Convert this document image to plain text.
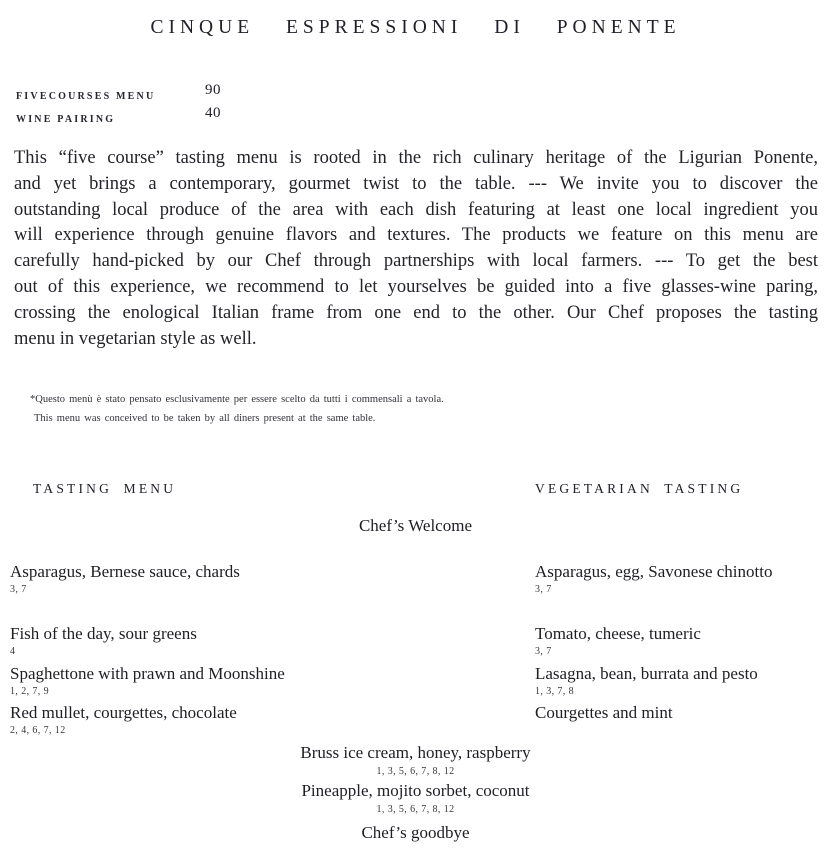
CINQUE ESPRESSIONI DI PONENTE
FIVECOURSES MENU	90
WINE PAIRING	40
This “five course” tasting menu is rooted in the rich culinary heritage of the Ligurian Ponente,
and yet brings a contemporary, gourmet twist to the table. --- We invite you to discover the
outstanding local produce of the area with each dish featuring at least one local ingredient you
will experience through genuine flavors and textures. The products we feature on this menu are
carefully hand-picked by our Chef through partnerships with local farmers. --- To get the best
out of this experience, we recommend to let yourselves be guided into a five glasses-wine paring,
crossing the enological Italian frame from one end to the other. Our Chef proposes the tasting
menu in vegetarian style as well.
*Questo menù è stato pensato esclusivamente per essere scelto da tutti i commensali a tavola.
This menu was conceived to be taken by all diners present at the same table.
TASTING MENU	VEGETARIAN TASTING
Chef’s Welcome
Asparagus, Bernese sauce, chards
3, 7
Asparagus, egg, Savonese chinotto
3, 7
Fish of the day, sour greens
4
Tomato, cheese, tumeric
3, 7
Spaghettone with prawn and Moonshine
1, 2, 7, 9
Lasagna, bean, burrata and pesto
1, 3, 7, 8
Red mullet, courgettes, chocolate
2, 4, 6, 7, 12
Courgettes and mint
Bruss ice cream, honey, raspberry
1, 3, 5, 6, 7, 8, 12
Pineapple, mojito sorbet, coconut
1, 3, 5, 6, 7, 8, 12
Chef’s goodbye
